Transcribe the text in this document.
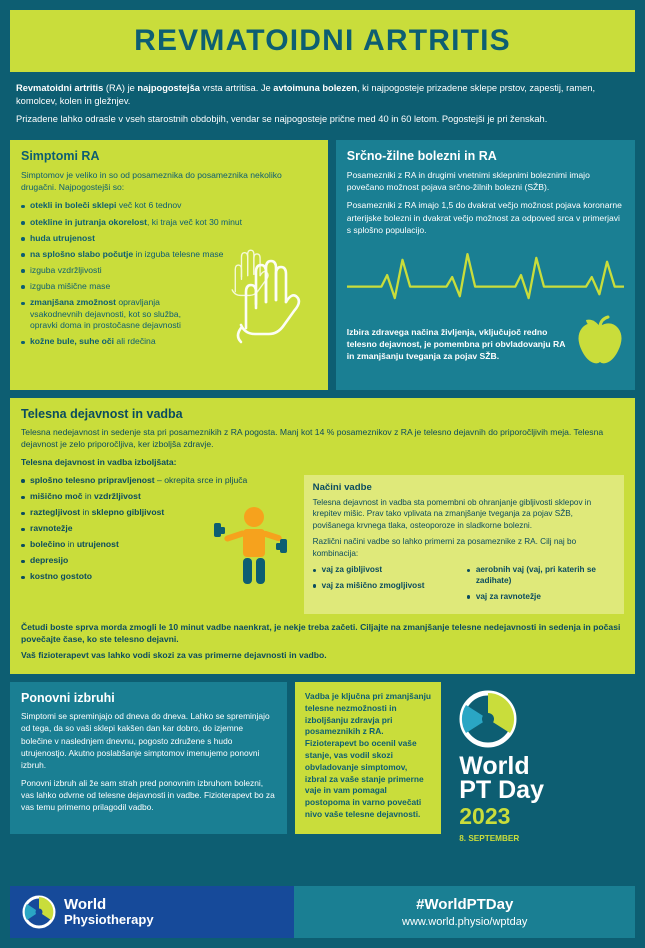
REVMATOIDNI ARTRITIS

Revmatoidni artritis (RA) je najpogostejša vrsta artritisa. Je avtoimuna bolezen, ki najpogosteje prizadene sklepe prstov, zapestij, ramen, komolcev, kolen in gležnjev.

Prizadene lahko odrasle v vseh starostnih obdobjih, vendar se najpogosteje prične med 40 in 60 letom. Pogostejši je pri ženskah.

Simptomi RA
Simptomov je veliko in so od posameznika do posameznika nekoliko drugačni. Najpogostejši so:
otekli in boleči sklepi več kot 6 tednov
otekline in jutranja okorelost, ki traja več kot 30 minut
huda utrujenost
na splošno slabo počutje in izguba telesne mase
izguba vzdržljivosti
izguba mišične mase
zmanjšana zmožnost opravljanja vsakodnevnih dejavnosti, kot so služba, opravki doma in prostočasne dejavnosti
kožne bule, suhe oči ali rdečina
Srčno-žilne bolezni in RA
Posamezniki z RA in drugimi vnetnimi sklepnimi boleznimi imajo povečano možnost pojava srčno-žilnih bolezni (SŽB).
Posamezniki z RA imajo 1,5 do dvakrat večjo možnost pojava koronarne arterijske bolezni in dvakrat večjo možnost za odpoved srca v primerjavi s splošno populacijo.
Izbira zdravega načina življenja, vključujoč redno telesno dejavnost, je pomembna pri obvladovanju RA in zmanjšanju tveganja za pojav SŽB.
Telesna dejavnost in vadba
Telesna nedejavnost in sedenje sta pri posameznikih z RA pogosta. Manj kot 14 % posameznikov z RA je telesno dejavnih do priporočljivih meja. Telesna dejavnost je zelo priporočljiva, ker izboljša zdravje.
Telesna dejavnost in vadba izboljšata:
splošno telesno pripravljenost – okrepita srce in pljuča
mišično moč in vzdržljivost
raztegljivost in sklepno gibljivost
ravnotežje
bolečino in utrujenost
depresijo
kostno gostoto
Načini vadbe

Telesna dejavnost in vadba sta pomembni ob ohranjanje gibljivosti sklepov in krepitev mišic. Prav tako vplivata na zmanjšanje tveganja za pojav SŽB, povišanega krvnega tlaka, osteoporoze in sladkorne bolezni.

Različni načini vadbe so lahko primerni za posameznike z RA. Cilj naj bo kombinacija:

vaj za gibljivost
vaj za mišično zmogljivost
aerobnih vaj (vaj, pri katerih se zadihate)
vaj za ravnotežje

Četudi boste sprva morda zmogli le 10 minut vadbe naenkrat, je nekje treba začeti. Ciljajte na zmanjšanje telesne nedejavnosti in sedenja in počasi povečajte čase, ko ste telesno dejavni.

Vaš fizioterapevt vas lahko vodi skozi za vas primerne dejavnosti in vadbo.

Ponovni izbruhi

Simptomi se spreminjajo od dneva do dneva. Lahko se spreminjajo od tega, da so vaši sklepi kakšen dan kar dobro, do izjemne bolečine v naslednjem dnevnu, pogosto združene s hudo utrujenostjo. Akutno poslabšanje simptomov imenujemo ponovni izbruh.

Ponovni izbruh ali že sam strah pred ponovnim izbruhom bolezni, vas lahko odvrne od telesne dejavnosti in vadbe. Fizioterapevt bo za vas temu primerno prilagodil vadbo.

Vadba je ključna pri zmanjšanju telesne nezmožnosti in izboljšanju zdravja pri posameznikih z RA. Fizioterapevt bo ocenil vaše stanje, vas vodil skozi obvladovanje simptomov, izbral za vaše stanje primerne vaje in vam pomagal postopoma in varno povečati nivo vaše telesne dejavnosti.
World
PT Day
2023
8. SEPTEMBER
World
Physiotherapy
#WorldPTDay
www.world.physio/wptday
